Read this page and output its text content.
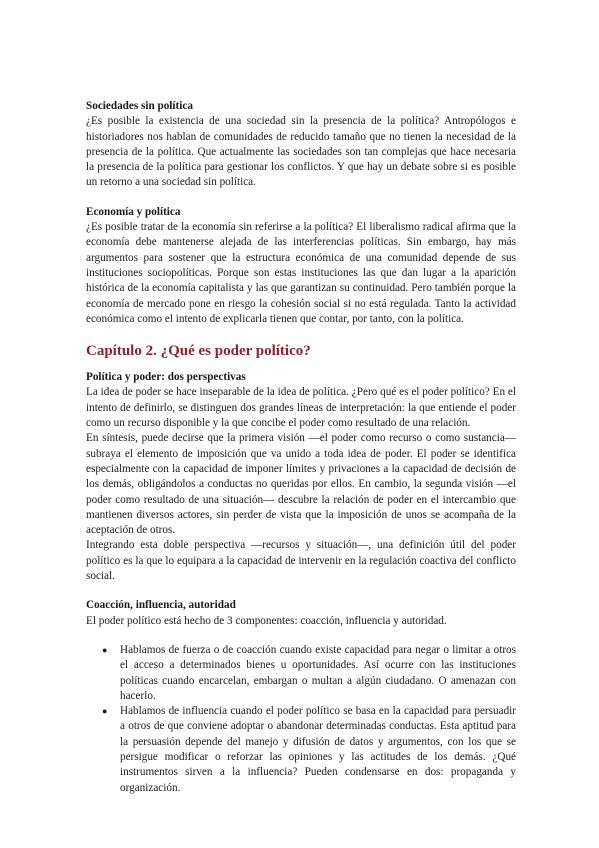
Sociedades sin política

¿Es posible la existencia de una sociedad sin la presencia de la política? Antropólogos e historiadores nos hablan de comunidades de reducido tamaño que no tienen la necesidad de la presencia de la política. Que actualmente las sociedades son tan complejas que hace necesaria la presencia de la política para gestionar los conflictos. Y que hay un debate sobre si es posible un retorno a una sociedad sin política.

Economía y política

¿Es posible tratar de la economía sin referirse a la política? El liberalismo radical afirma que la economía debe mantenerse alejada de las interferencias políticas. Sin embargo, hay más argumentos para sostener que la estructura económica de una comunidad depende de sus instituciones sociopolíticas. Porque son estas instituciones las que dan lugar a la aparición histórica de la economía capitalista y las que garantizan su continuidad. Pero también porque la economía de mercado pone en riesgo la cohesión social si no está regulada. Tanto la actividad económica como el intento de explicarla tienen que contar, por tanto, con la política.

Capítulo 2. ¿Qué es poder político?

Política y poder: dos perspectivas

La idea de poder se hace inseparable de la idea de política. ¿Pero qué es el poder político? En el intento de definirlo, se distinguen dos grandes líneas de interpretación: la que entiende el poder como un recurso disponible y la que concibe el poder como resultado de una relación.

En síntesis, puede decirse que la primera visión —el poder como recurso o como sustancia— subraya el elemento de imposición que va unido a toda idea de poder. El poder se identifica especialmente con la capacidad de imponer límites y privaciones a la capacidad de decisión de los demás, obligándolos a conductas no queridas por ellos. En cambio, la segunda visión —el poder como resultado de una situación— descubre la relación de poder en el intercambio que mantienen diversos actores, sin perder de vista que la imposición de unos se acompaña de la aceptación de otros.

Integrando esta doble perspectiva —recursos y situación—, una definición útil del poder político es la que lo equipara a la capacidad de intervenir en la regulación coactiva del conflicto social.

Coacción, influencia, autoridad

El poder político está hecho de 3 componentes: coacción, influencia y autoridad.

● Hablamos de fuerza o de coacción cuando existe capacidad para negar o limitar a otros el acceso a determinados bienes u oportunidades. Así ocurre con las instituciones políticas cuando encarcelan, embargan o multan a algún ciudadano. O amenazan con hacerlo.
● Hablamos de influencia cuando el poder político se basa en la capacidad para persuadir a otros de que conviene adoptar o abandonar determinadas conductas. Esta aptitud para la persuasión depende del manejo y difusión de datos y argumentos, con los que se persigue modificar o reforzar las opiniones y las actitudes de los demás. ¿Qué instrumentos sirven a la influencia? Pueden condensarse en dos: propaganda y organización.
